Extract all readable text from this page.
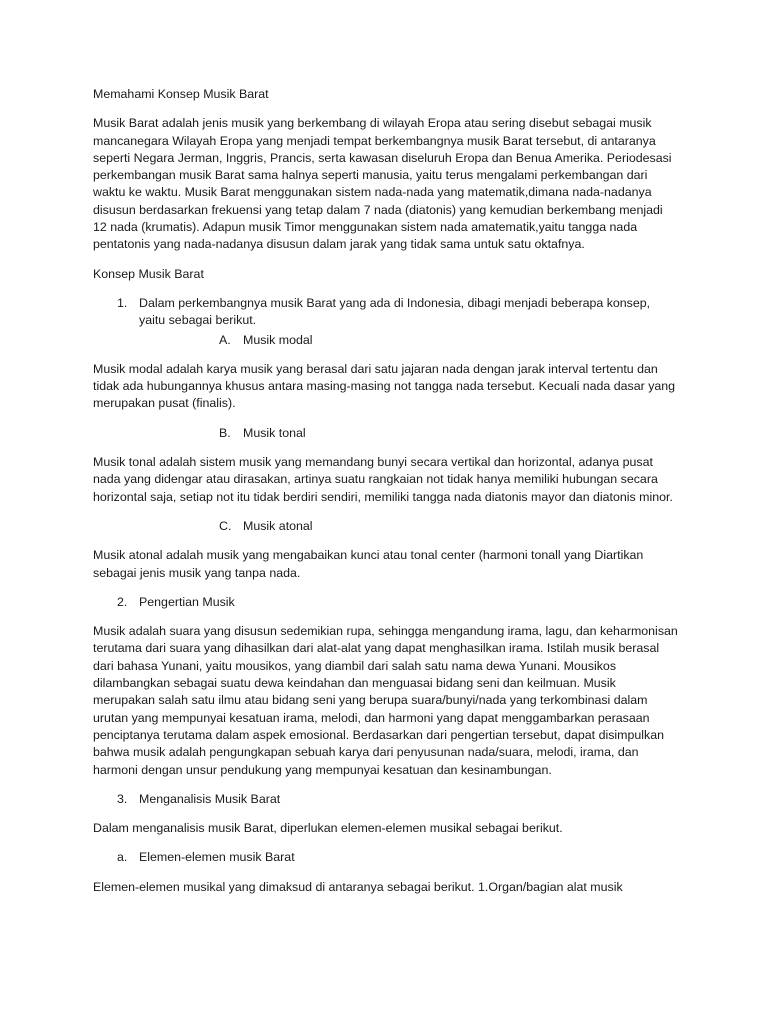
Memahami Konsep Musik Barat

Musik Barat adalah jenis musik yang berkembang di wilayah Eropa atau sering disebut sebagai musik mancanegara Wilayah Eropa yang menjadi tempat berkembangnya musik Barat tersebut, di antaranya seperti Negara Jerman, Inggris, Prancis, serta kawasan diseluruh Eropa dan Benua Amerika. Periodesasi perkembangan musik Barat sama halnya seperti manusia, yaitu terus mengalami perkembangan dari waktu ke waktu. Musik Barat menggunakan sistem nada-nada yang matematik,dimana nada-nadanya disusun berdasarkan frekuensi yang tetap dalam 7 nada (diatonis) yang kemudian berkembang menjadi 12 nada (krumatis). Adapun musik Timor menggunakan sistem nada amatematik,yaitu tangga nada pentatonis yang nada-nadanya disusun dalam jarak yang tidak sama untuk satu oktafnya.

Konsep Musik Barat

1. Dalam perkembangnya musik Barat yang ada di Indonesia, dibagi menjadi beberapa konsep, yaitu sebagai berikut.
A. Musik modal

Musik modal adalah karya musik yang berasal dari satu jajaran nada dengan jarak interval tertentu dan tidak ada hubungannya khusus antara masing-masing not tangga nada tersebut. Kecuali nada dasar yang merupakan pusat (finalis).

B. Musik tonal

Musik tonal adalah sistem musik yang memandang bunyi secara vertikal dan horizontal, adanya pusat nada yang didengar atau dirasakan, artinya suatu rangkaian not tidak hanya memiliki hubungan secara horizontal saja, setiap not itu tidak berdiri sendiri, memiliki tangga nada diatonis mayor dan diatonis minor.

C. Musik atonal

Musik atonal adalah musik yang mengabaikan kunci atau tonal center (harmoni tonall yang Diartikan sebagai jenis musik yang tanpa nada.

2. Pengertian Musik

Musik adalah suara yang disusun sedemikian rupa, sehingga mengandung irama, lagu, dan keharmonisan terutama dari suara yang dihasilkan dari alat-alat yang dapat menghasilkan irama. Istilah musik berasal dari bahasa Yunani, yaitu mousikos, yang diambil dari salah satu nama dewa Yunani. Mousikos dilambangkan sebagai suatu dewa keindahan dan menguasai bidang seni dan keilmuan. Musik merupakan salah satu ilmu atau bidang seni yang berupa suara/bunyi/nada yang terkombinasi dalam urutan yang mempunyai kesatuan irama, melodi, dan harmoni yang dapat menggambarkan perasaan penciptanya terutama dalam aspek emosional. Berdasarkan dari pengertian tersebut, dapat disimpulkan bahwa musik adalah pengungkapan sebuah karya dari penyusunan nada/suara, melodi, irama, dan harmoni dengan unsur pendukung yang mempunyai kesatuan dan kesinambungan.

3. Menganalisis Musik Barat

Dalam menganalisis musik Barat, diperlukan elemen-elemen musikal sebagai berikut.

a. Elemen-elemen musik Barat

Elemen-elemen musikal yang dimaksud di antaranya sebagai berikut. 1.Organ/bagian alat musik
